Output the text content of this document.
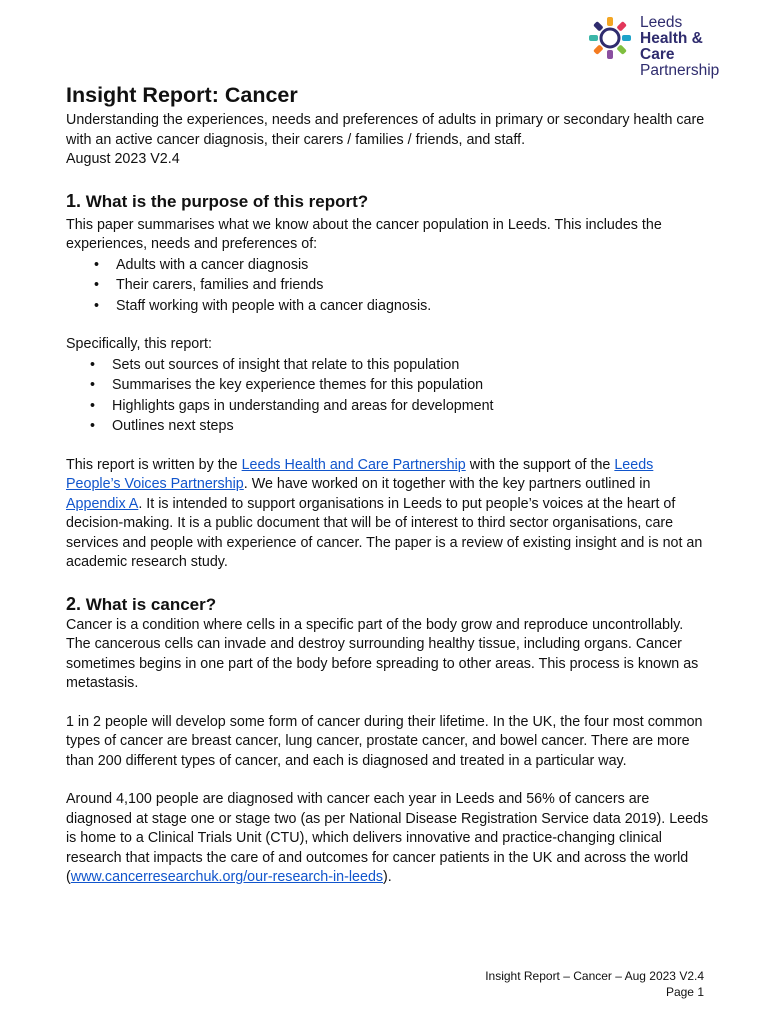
Leeds
Health & Care
Partnership
Insight Report: Cancer

Understanding the experiences, needs and preferences of adults in primary or secondary health care with an active cancer diagnosis, their carers / families / friends, and staff.

August 2023 V2.4

1. What is the purpose of this report?

This paper summarises what we know about the cancer population in Leeds. This includes the experiences, needs and preferences of:

• Adults with a cancer diagnosis
• Their carers, families and friends
• Staff working with people with a cancer diagnosis.

Specifically, this report:

• Sets out sources of insight that relate to this population
• Summarises the key experience themes for this population
• Highlights gaps in understanding and areas for development
• Outlines next steps

This report is written by the Leeds Health and Care Partnership with the support of the Leeds People’s Voices Partnership. We have worked on it together with the key partners outlined in Appendix A. It is intended to support organisations in Leeds to put people’s voices at the heart of decision-making. It is a public document that will be of interest to third sector organisations, care services and people with experience of cancer. The paper is a review of existing insight and is not an academic research study.

2. What is cancer?

Cancer is a condition where cells in a specific part of the body grow and reproduce uncontrollably. The cancerous cells can invade and destroy surrounding healthy tissue, including organs. Cancer sometimes begins in one part of the body before spreading to other areas. This process is known as metastasis.

1 in 2 people will develop some form of cancer during their lifetime. In the UK, the four most common types of cancer are breast cancer, lung cancer, prostate cancer, and bowel cancer. There are more than 200 different types of cancer, and each is diagnosed and treated in a particular way.

Around 4,100 people are diagnosed with cancer each year in Leeds and 56% of cancers are diagnosed at stage one or stage two (as per National Disease Registration Service data 2019). Leeds is home to a Clinical Trials Unit (CTU), which delivers innovative and practice-changing clinical research that impacts the care of and outcomes for cancer patients in the UK and across the world (www.cancerresearchuk.org/our-research-in-leeds).

Insight Report – Cancer – Aug 2023 V2.4
Page 1
